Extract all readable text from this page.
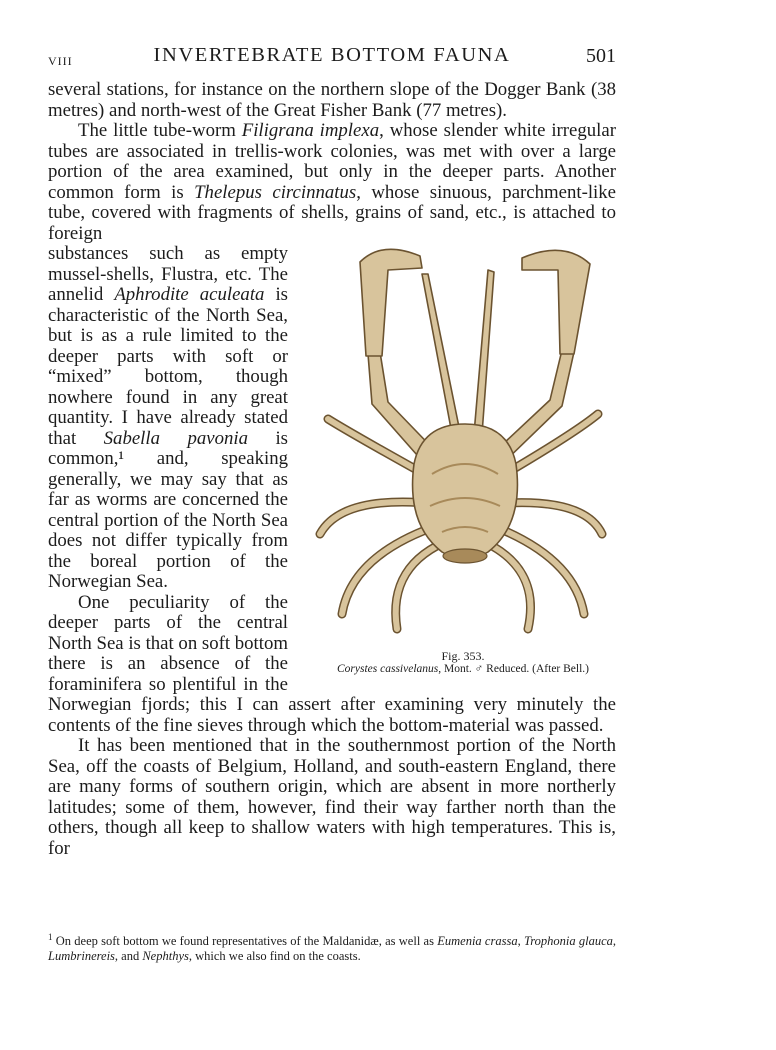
VIII	INVERTEBRATE BOTTOM FAUNA	501

several stations, for instance on the northern slope of the Dogger Bank (38 metres) and north-west of the Great Fisher Bank (77 metres).

The little tube-worm Filigrana implexa, whose slender white irregular tubes are associated in trellis-work colonies, was met with over a large portion of the area examined, but only in the deeper parts. Another common form is Thelepus circinnatus, whose sinuous, parchment-like tube, covered with fragments of shells, grains of sand, etc., is attached to foreign

Fig. 353.
Corystes cassivelanus, Mont. ♂ Reduced. (After Bell.)

substances such as empty mussel-shells, Flustra, etc. The annelid Aphrodite aculeata is characteristic of the North Sea, but is as a rule limited to the deeper parts with soft or “mixed” bottom, though nowhere found in any great quantity. I have already stated that Sabella pavonia is common,¹ and, speaking generally, we may say that as far as worms are concerned the central portion of the North Sea does not differ typically from the boreal portion of the Norwegian Sea.

One peculiarity of the deeper parts of the central North Sea is that on soft bottom there is an absence of the foraminifera so plentiful in the Norwegian fjords; this I can assert after examining very minutely the contents of the fine sieves through which the bottom-material was passed.

It has been mentioned that in the southernmost portion of the North Sea, off the coasts of Belgium, Holland, and south-eastern England, there are many forms of southern origin, which are absent in more northerly latitudes; some of them, however, find their way farther north than the others, though all keep to shallow waters with high temperatures. This is, for

$^1$ On deep soft bottom we found representatives of the Maldanidæ, as well as Eumenia crassa, Trophonia glauca, Lumbrinereis, and Nephthys, which we also find on the coasts.
